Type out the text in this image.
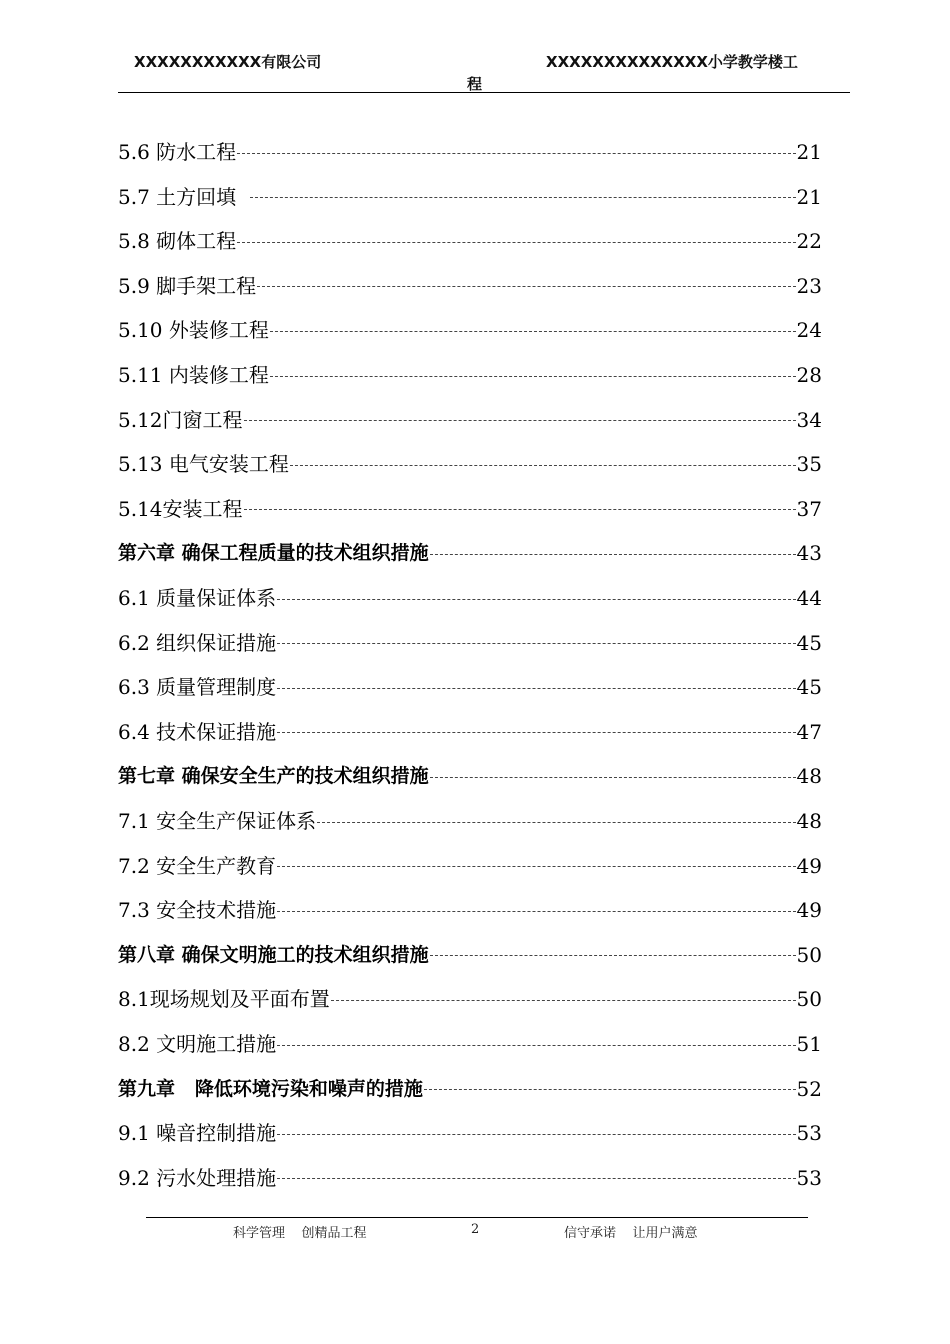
XXXXXXXXXXX有限公司	XXXXXXXXXXXXXX小学教学楼工
程
5.6 防水工程	21
5.7 土方回填	21
5.8 砌体工程	22
5.9 脚手架工程	23
5.10 外装修工程	24
5.11 内装修工程	28
5.12门窗工程	34
5.13 电气安装工程	35
5.14安装工程	37
第六章 确保工程质量的技术组织措施	43
6.1 质量保证体系	44
6.2 组织保证措施	45
6.3 质量管理制度	45
6.4 技术保证措施	47
第七章 确保安全生产的技术组织措施	48
7.1 安全生产保证体系	48
7.2 安全生产教育	49
7.3 安全技术措施	49
第八章 确保文明施工的技术组织措施	50
8.1现场规划及平面布置	50
8.2 文明施工措施	51
第九章   降低环境污染和噪声的措施	52
9.1 噪音控制措施	53
9.2 污水处理措施	53
科学管理    创精品工程	2	信守承诺    让用户满意
